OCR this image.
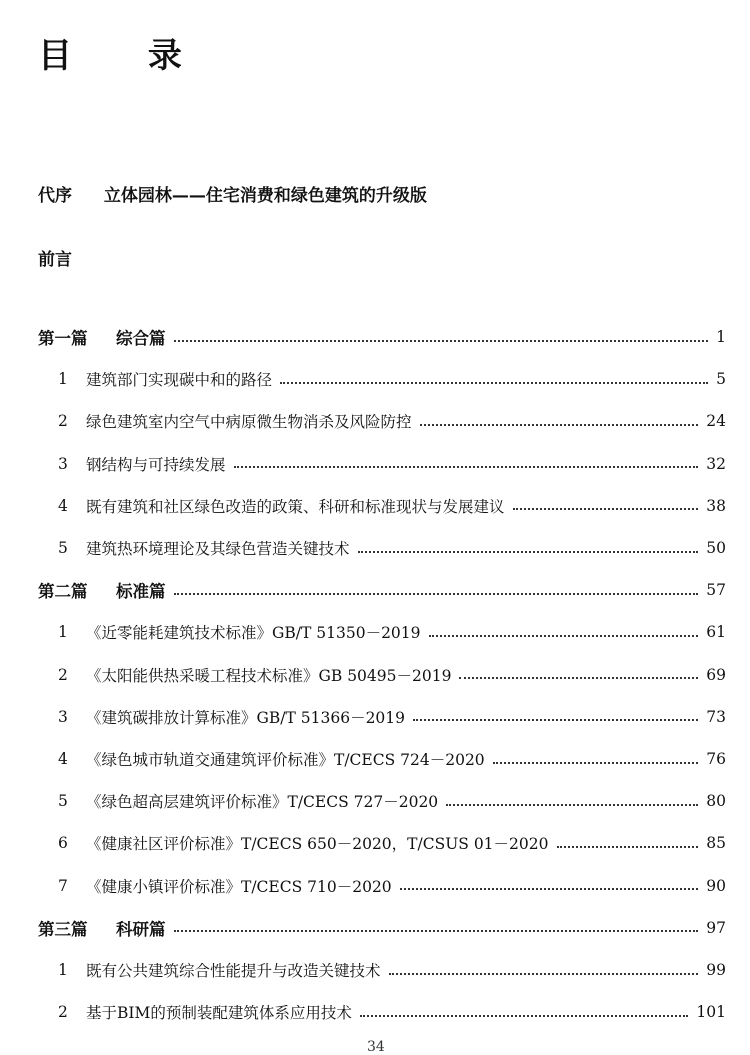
目 录
代序 立体园林——住宅消费和绿色建筑的升级版
前言
第一篇	综合篇	1
1	建筑部门实现碳中和的路径	5
2	绿色建筑室内空气中病原微生物消杀及风险防控	24
3	钢结构与可持续发展	32
4	既有建筑和社区绿色改造的政策、科研和标准现状与发展建议	38
5	建筑热环境理论及其绿色营造关键技术	50
第二篇	标准篇	57
1	《近零能耗建筑技术标准》GB/T 51350－2019	61
2	《太阳能供热采暖工程技术标准》GB 50495－2019	69
3	《建筑碳排放计算标准》GB/T 51366－2019	73
4	《绿色城市轨道交通建筑评价标准》T/CECS 724－2020	76
5	《绿色超高层建筑评价标准》T/CECS 727－2020	80
6	《健康社区评价标准》T/CECS 650－2020，T/CSUS 01－2020	85
7	《健康小镇评价标准》T/CECS 710－2020	90
第三篇	科研篇	97
1	既有公共建筑综合性能提升与改造关键技术	99
2	基于BIM的预制装配建筑体系应用技术	101
34
